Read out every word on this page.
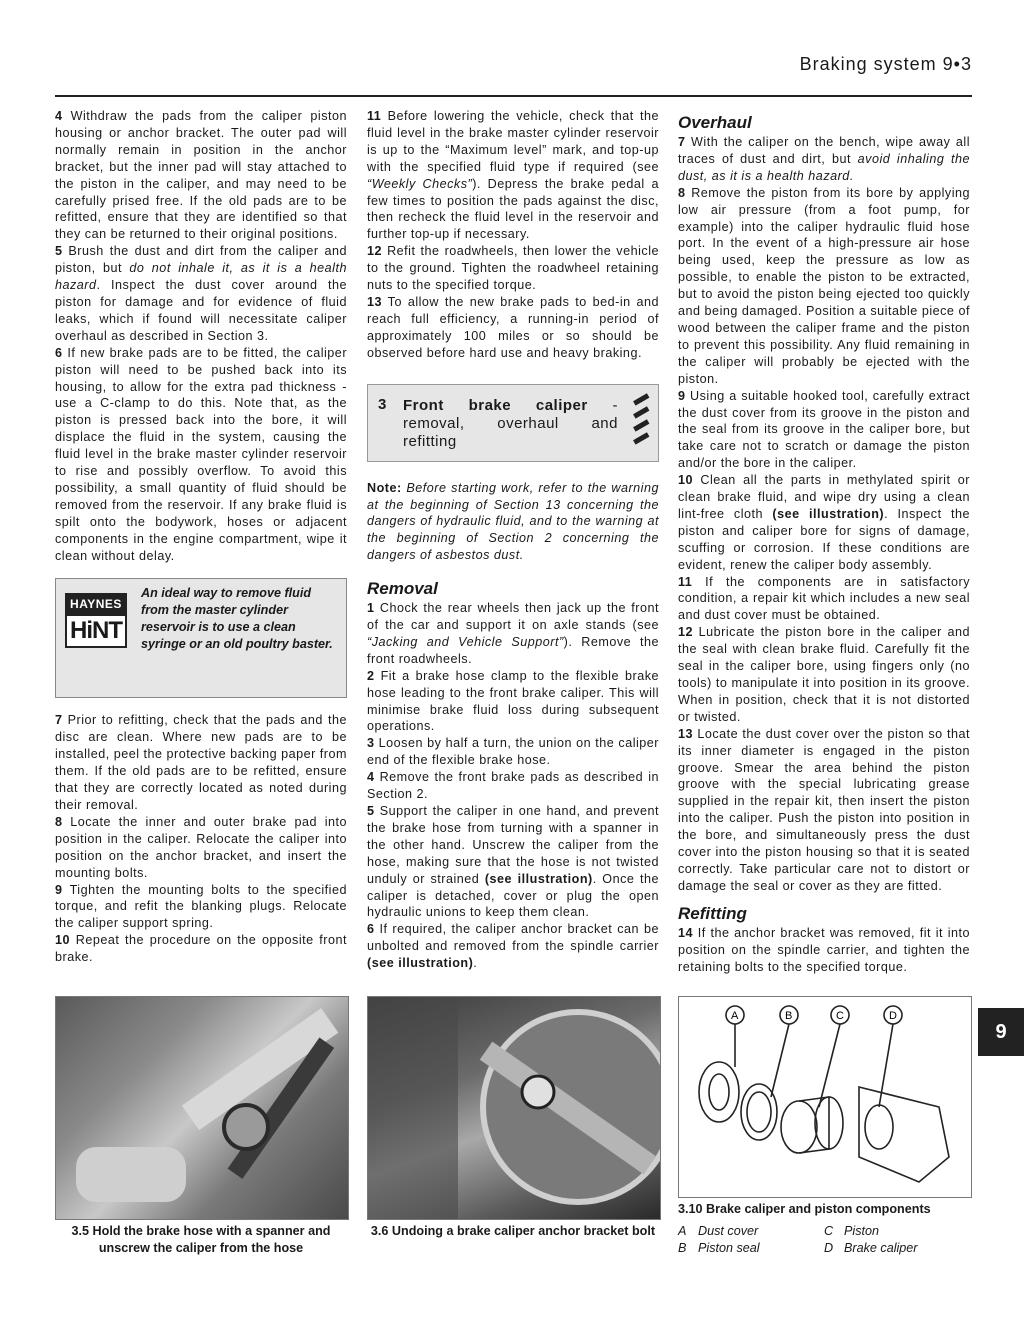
Braking system 9•3

4 Withdraw the pads from the caliper piston housing or anchor bracket. The outer pad will normally remain in position in the anchor bracket, but the inner pad will stay attached to the piston in the caliper, and may need to be carefully prised free. If the old pads are to be refitted, ensure that they are identified so that they can be returned to their original positions.

5 Brush the dust and dirt from the caliper and piston, but do not inhale it, as it is a health hazard. Inspect the dust cover around the piston for damage and for evidence of fluid leaks, which if found will necessitate caliper overhaul as described in Section 3.

6 If new brake pads are to be fitted, the caliper piston will need to be pushed back into its housing, to allow for the extra pad thickness - use a C-clamp to do this. Note that, as the piston is pressed back into the bore, it will displace the fluid in the system, causing the fluid level in the brake master cylinder reservoir to rise and possibly overflow. To avoid this possibility, a small quantity of fluid should be removed from the reservoir. If any brake fluid is spilt onto the bodywork, hoses or adjacent components in the engine compartment, wipe it clean without delay.

HAYNES
HiNT
An ideal way to remove fluid from the master cylinder reservoir is to use a clean syringe or an old poultry baster.

7 Prior to refitting, check that the pads and the disc are clean. Where new pads are to be installed, peel the protective backing paper from them. If the old pads are to be refitted, ensure that they are correctly located as noted during their removal.

8 Locate the inner and outer brake pad into position in the caliper. Relocate the caliper into position on the anchor bracket, and insert the mounting bolts.

9 Tighten the mounting bolts to the specified torque, and refit the blanking plugs. Relocate the caliper support spring.

10 Repeat the procedure on the opposite front brake.

11 Before lowering the vehicle, check that the fluid level in the brake master cylinder reservoir is up to the “Maximum level” mark, and top-up with the specified fluid type if required (see “Weekly Checks”). Depress the brake pedal a few times to position the pads against the disc, then recheck the fluid level in the reservoir and further top-up if necessary.

12 Refit the roadwheels, then lower the vehicle to the ground. Tighten the roadwheel retaining nuts to the specified torque.

13 To allow the new brake pads to bed-in and reach full efficiency, a running-in period of approximately 100 miles or so should be observed before hard use and heavy braking.

3 Front brake caliper - removal, overhaul and refitting

Note: Before starting work, refer to the warning at the beginning of Section 13 concerning the dangers of hydraulic fluid, and to the warning at the beginning of Section 2 concerning the dangers of asbestos dust.

Removal

1 Chock the rear wheels then jack up the front of the car and support it on axle stands (see “Jacking and Vehicle Support”). Remove the front roadwheels.

2 Fit a brake hose clamp to the flexible brake hose leading to the front brake caliper. This will minimise brake fluid loss during subsequent operations.

3 Loosen by half a turn, the union on the caliper end of the flexible brake hose.

4 Remove the front brake pads as described in Section 2.

5 Support the caliper in one hand, and prevent the brake hose from turning with a spanner in the other hand. Unscrew the caliper from the hose, making sure that the hose is not twisted unduly or strained (see illustration). Once the caliper is detached, cover or plug the open hydraulic unions to keep them clean.

6 If required, the caliper anchor bracket can be unbolted and removed from the spindle carrier (see illustration).

Overhaul

7 With the caliper on the bench, wipe away all traces of dust and dirt, but avoid inhaling the dust, as it is a health hazard.

8 Remove the piston from its bore by applying low air pressure (from a foot pump, for example) into the caliper hydraulic fluid hose port. In the event of a high-pressure air hose being used, keep the pressure as low as possible, to enable the piston to be extracted, but to avoid the piston being ejected too quickly and being damaged. Position a suitable piece of wood between the caliper frame and the piston to prevent this possibility. Any fluid remaining in the caliper will probably be ejected with the piston.

9 Using a suitable hooked tool, carefully extract the dust cover from its groove in the piston and the seal from its groove in the caliper bore, but take care not to scratch or damage the piston and/or the bore in the caliper.

10 Clean all the parts in methylated spirit or clean brake fluid, and wipe dry using a clean lint-free cloth (see illustration). Inspect the piston and caliper bore for signs of damage, scuffing or corrosion. If these conditions are evident, renew the caliper body assembly.

11 If the components are in satisfactory condition, a repair kit which includes a new seal and dust cover must be obtained.

12 Lubricate the piston bore in the caliper and the seal with clean brake fluid. Carefully fit the seal in the caliper bore, using fingers only (no tools) to manipulate it into position in its groove. When in position, check that it is not distorted or twisted.

13 Locate the dust cover over the piston so that its inner diameter is engaged in the piston groove. Smear the area behind the piston groove with the special lubricating grease supplied in the repair kit, then insert the piston into the caliper. Push the piston into position in the bore, and simultaneously press the dust cover into the piston housing so that it is seated correctly. Take particular care not to distort or damage the seal or cover as they are fitted.

Refitting

14 If the anchor bracket was removed, fit it into position on the spindle carrier, and tighten the retaining bolts to the specified torque.

A	B	C	D
3.5 Hold the brake hose with a spanner and unscrew the caliper from the hose
3.6 Undoing a brake caliper anchor bracket bolt
3.10 Brake caliper and piston components
A Dust cover	C Piston
B Piston seal	D Brake caliper
9
